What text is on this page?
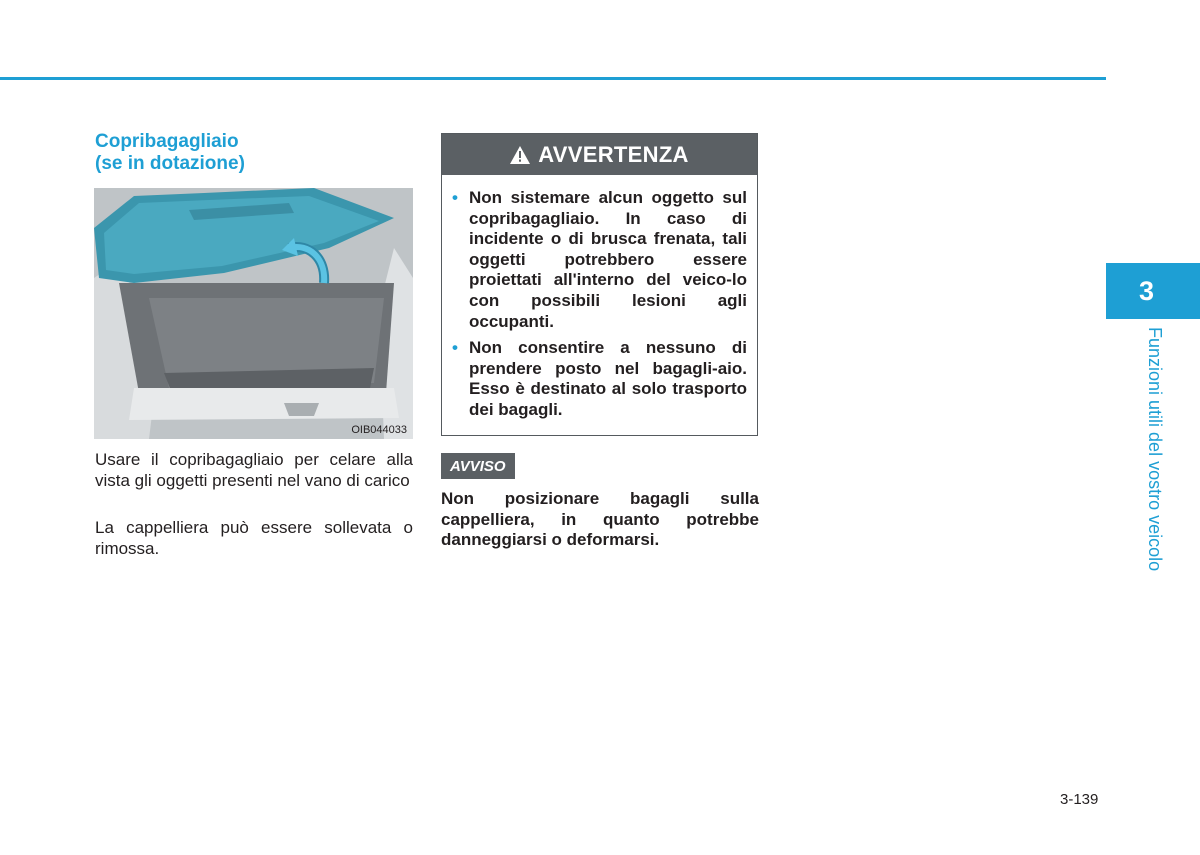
Copribagagliaio
(se in dotazione)
OIB044033

Usare il copribagagliaio per celare alla vista gli oggetti presenti nel vano di carico

La cappelliera può essere sollevata o rimossa.

AVVERTENZA
• Non sistemare alcun oggetto sul copribagagliaio. In caso di incidente o di brusca frenata, tali oggetti potrebbero essere proiettati all'interno del veico-lo con possibili lesioni agli occupanti.
• Non consentire a nessuno di prendere posto nel bagagli-aio. Esso è destinato al solo trasporto dei bagagli.
AVVISO

Non posizionare bagagli sulla cappelliera, in quanto potrebbe danneggiarsi o deformarsi.

3
Funzioni utili del vostro veicolo
3-139
